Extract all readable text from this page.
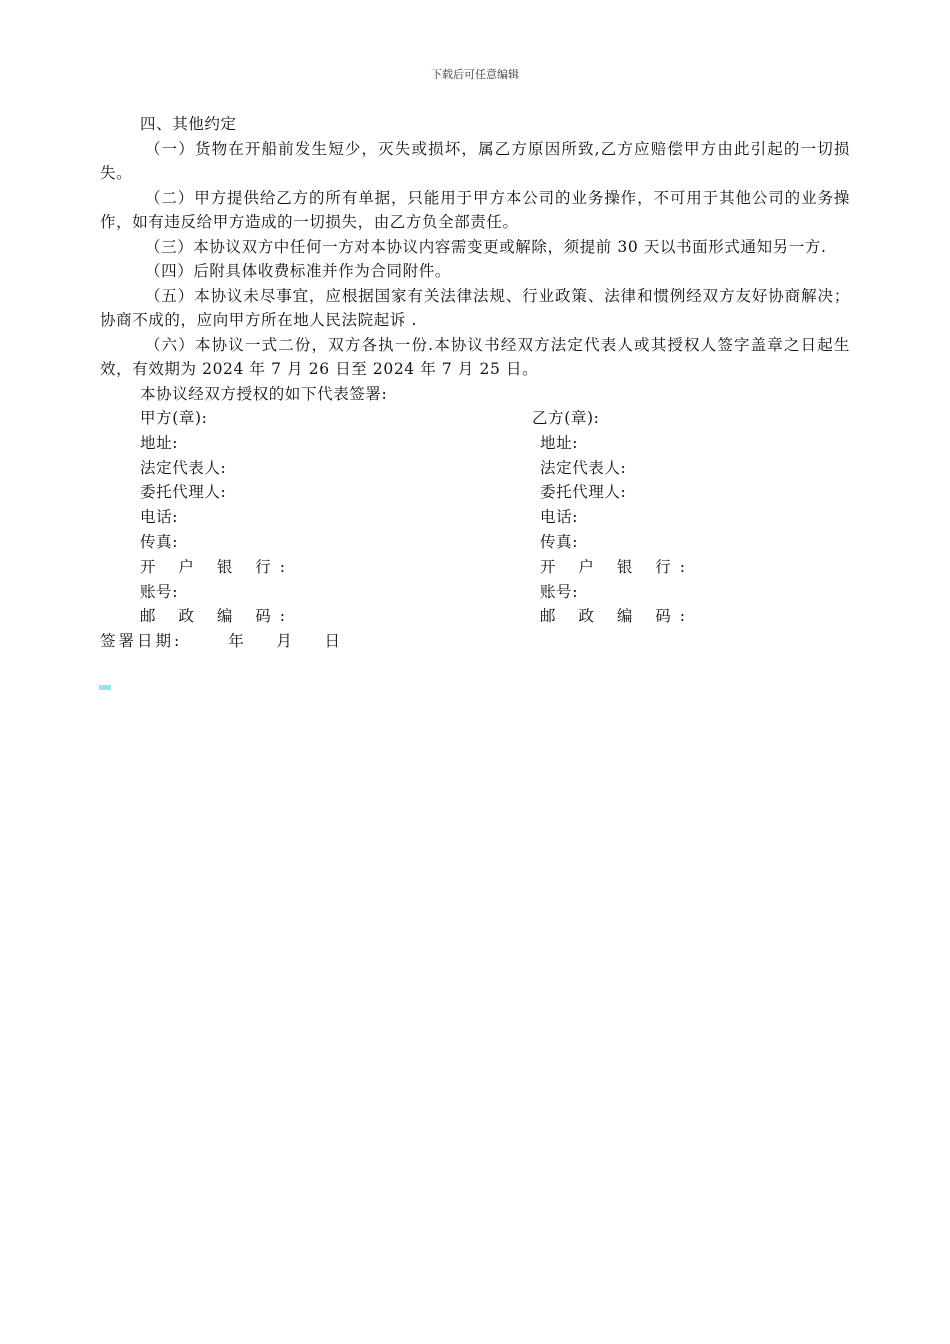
下载后可任意编辑

四、其他约定

（一）货物在开船前发生短少，灭失或损坏，属乙方原因所致,乙方应赔偿甲方由此引起的一切损失。

（二）甲方提供给乙方的所有单据，只能用于甲方本公司的业务操作，不可用于其他公司的业务操作，如有违反给甲方造成的一切损失，由乙方负全部责任。

（三）本协议双方中任何一方对本协议内容需变更或解除，须提前 30 天以书面形式通知另一方.

（四）后附具体收费标准并作为合同附件。

（五）本协议未尽事宜，应根据国家有关法律法规、行业政策、法律和惯例经双方友好协商解决；协商不成的，应向甲方所在地人民法院起诉 .

（六）本协议一式二份，双方各执一份.本协议书经双方法定代表人或其授权人签字盖章之日起生效，有效期为 2024 年 7 月 26 日至 2024 年 7 月 25 日。

本协议经双方授权的如下代表签署:

甲方(章):
地址:
法定代表人:
委托代理人:
电话:
传真:
开 户 银 行:
账号:
邮 政 编 码:
乙方(章):
地址:
法定代表人:
委托代理人:
电话:
传真:
开 户 银 行:
账号:
邮 政 编 码:
签署日期:	年 月 日
